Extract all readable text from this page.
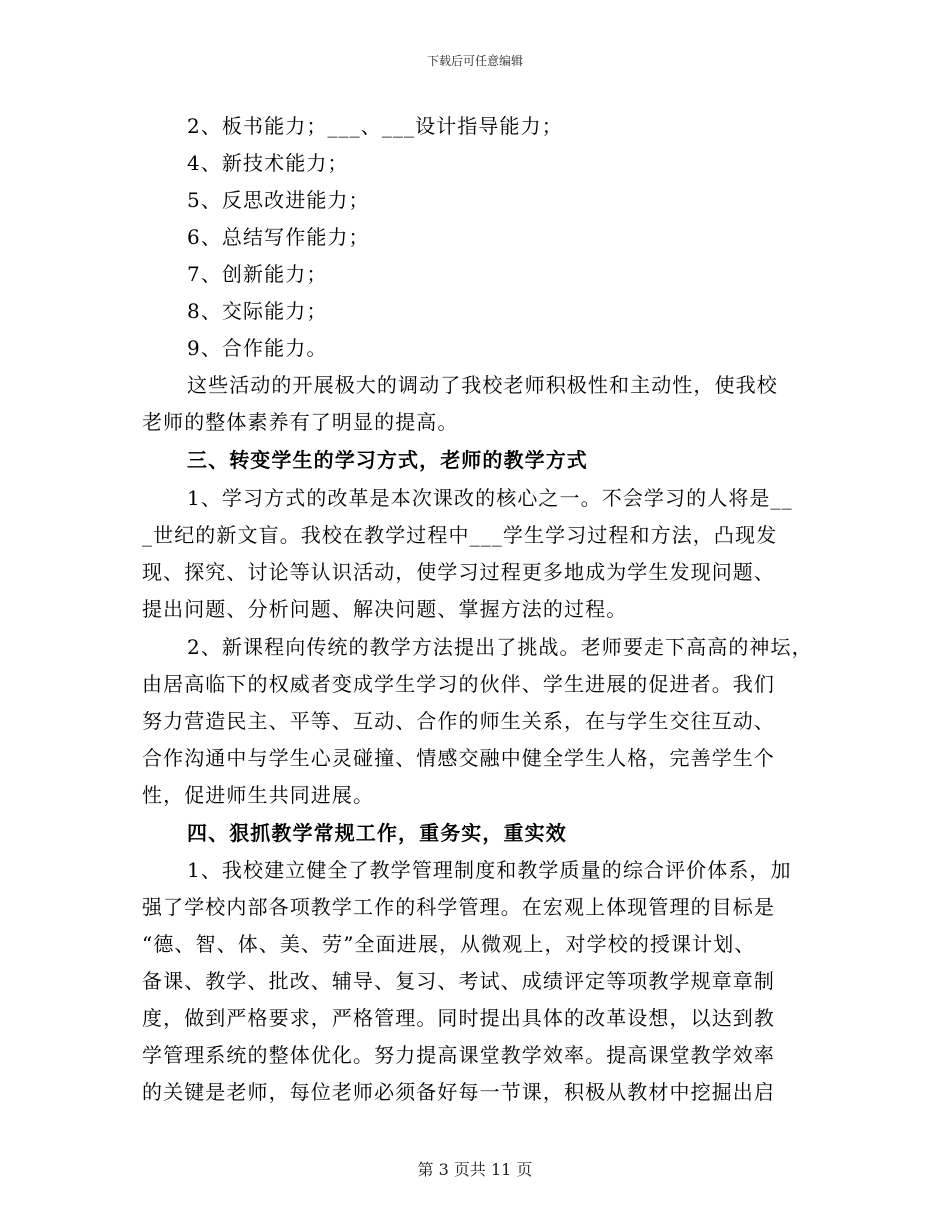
下载后可任意编辑
2、板书能力；___、___设计指导能力；
4、新技术能力；
5、反思改进能力；
6、总结写作能力；
7、创新能力；
8、交际能力；
9、合作能力。
这些活动的开展极大的调动了我校老师积极性和主动性，使我校
老师的整体素养有了明显的提高。
三、转变学生的学习方式，老师的教学方式
1、学习方式的改革是本次课改的核心之一。不会学习的人将是__
_世纪的新文盲。我校在教学过程中___学生学习过程和方法，凸现发
现、探究、讨论等认识活动，使学习过程更多地成为学生发现问题、
提出问题、分析问题、解决问题、掌握方法的过程。
2、新课程向传统的教学方法提出了挑战。老师要走下高高的神坛，
由居高临下的权威者变成学生学习的伙伴、学生进展的促进者。我们
努力营造民主、平等、互动、合作的师生关系，在与学生交往互动、
合作沟通中与学生心灵碰撞、情感交融中健全学生人格，完善学生个
性，促进师生共同进展。
四、狠抓教学常规工作，重务实，重实效
1、我校建立健全了教学管理制度和教学质量的综合评价体系，加
强了学校内部各项教学工作的科学管理。在宏观上体现管理的目标是
“德、智、体、美、劳”全面进展，从微观上，对学校的授课计划、
备课、教学、批改、辅导、复习、考试、成绩评定等项教学规章章制
度，做到严格要求，严格管理。同时提出具体的改革设想，以达到教
学管理系统的整体优化。努力提高课堂教学效率。提高课堂教学效率
的关键是老师，每位老师必须备好每一节课，积极从教材中挖掘出启
第 3 页共 11 页
